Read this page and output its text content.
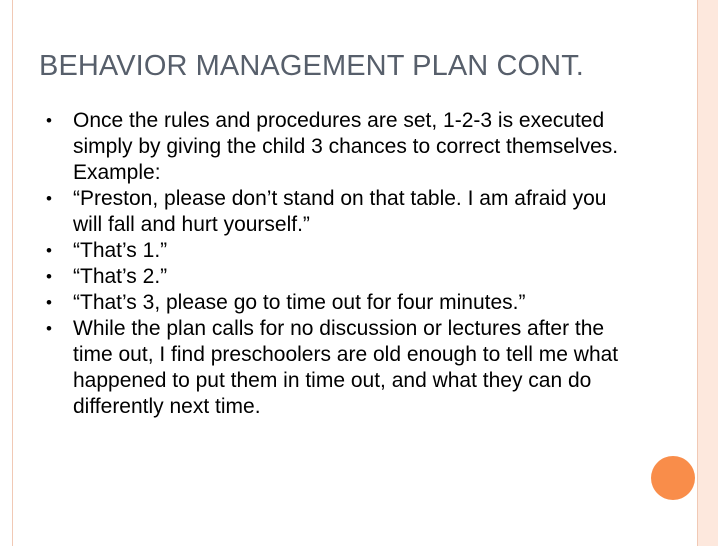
BEHAVIOR MANAGEMENT PLAN CONT.
• Once the rules and procedures are set, 1-2-3 is executed simply by giving the child 3 chances to correct themselves. Example:
• “Preston, please don’t stand on that table. I am afraid you will fall and hurt yourself.”
• “That’s 1.”
• “That’s 2.”
• “That’s 3, please go to time out for four minutes.”
• While the plan calls for no discussion or lectures after the time out, I find preschoolers are old enough to tell me what happened to put them in time out, and what they can do differently next time.
